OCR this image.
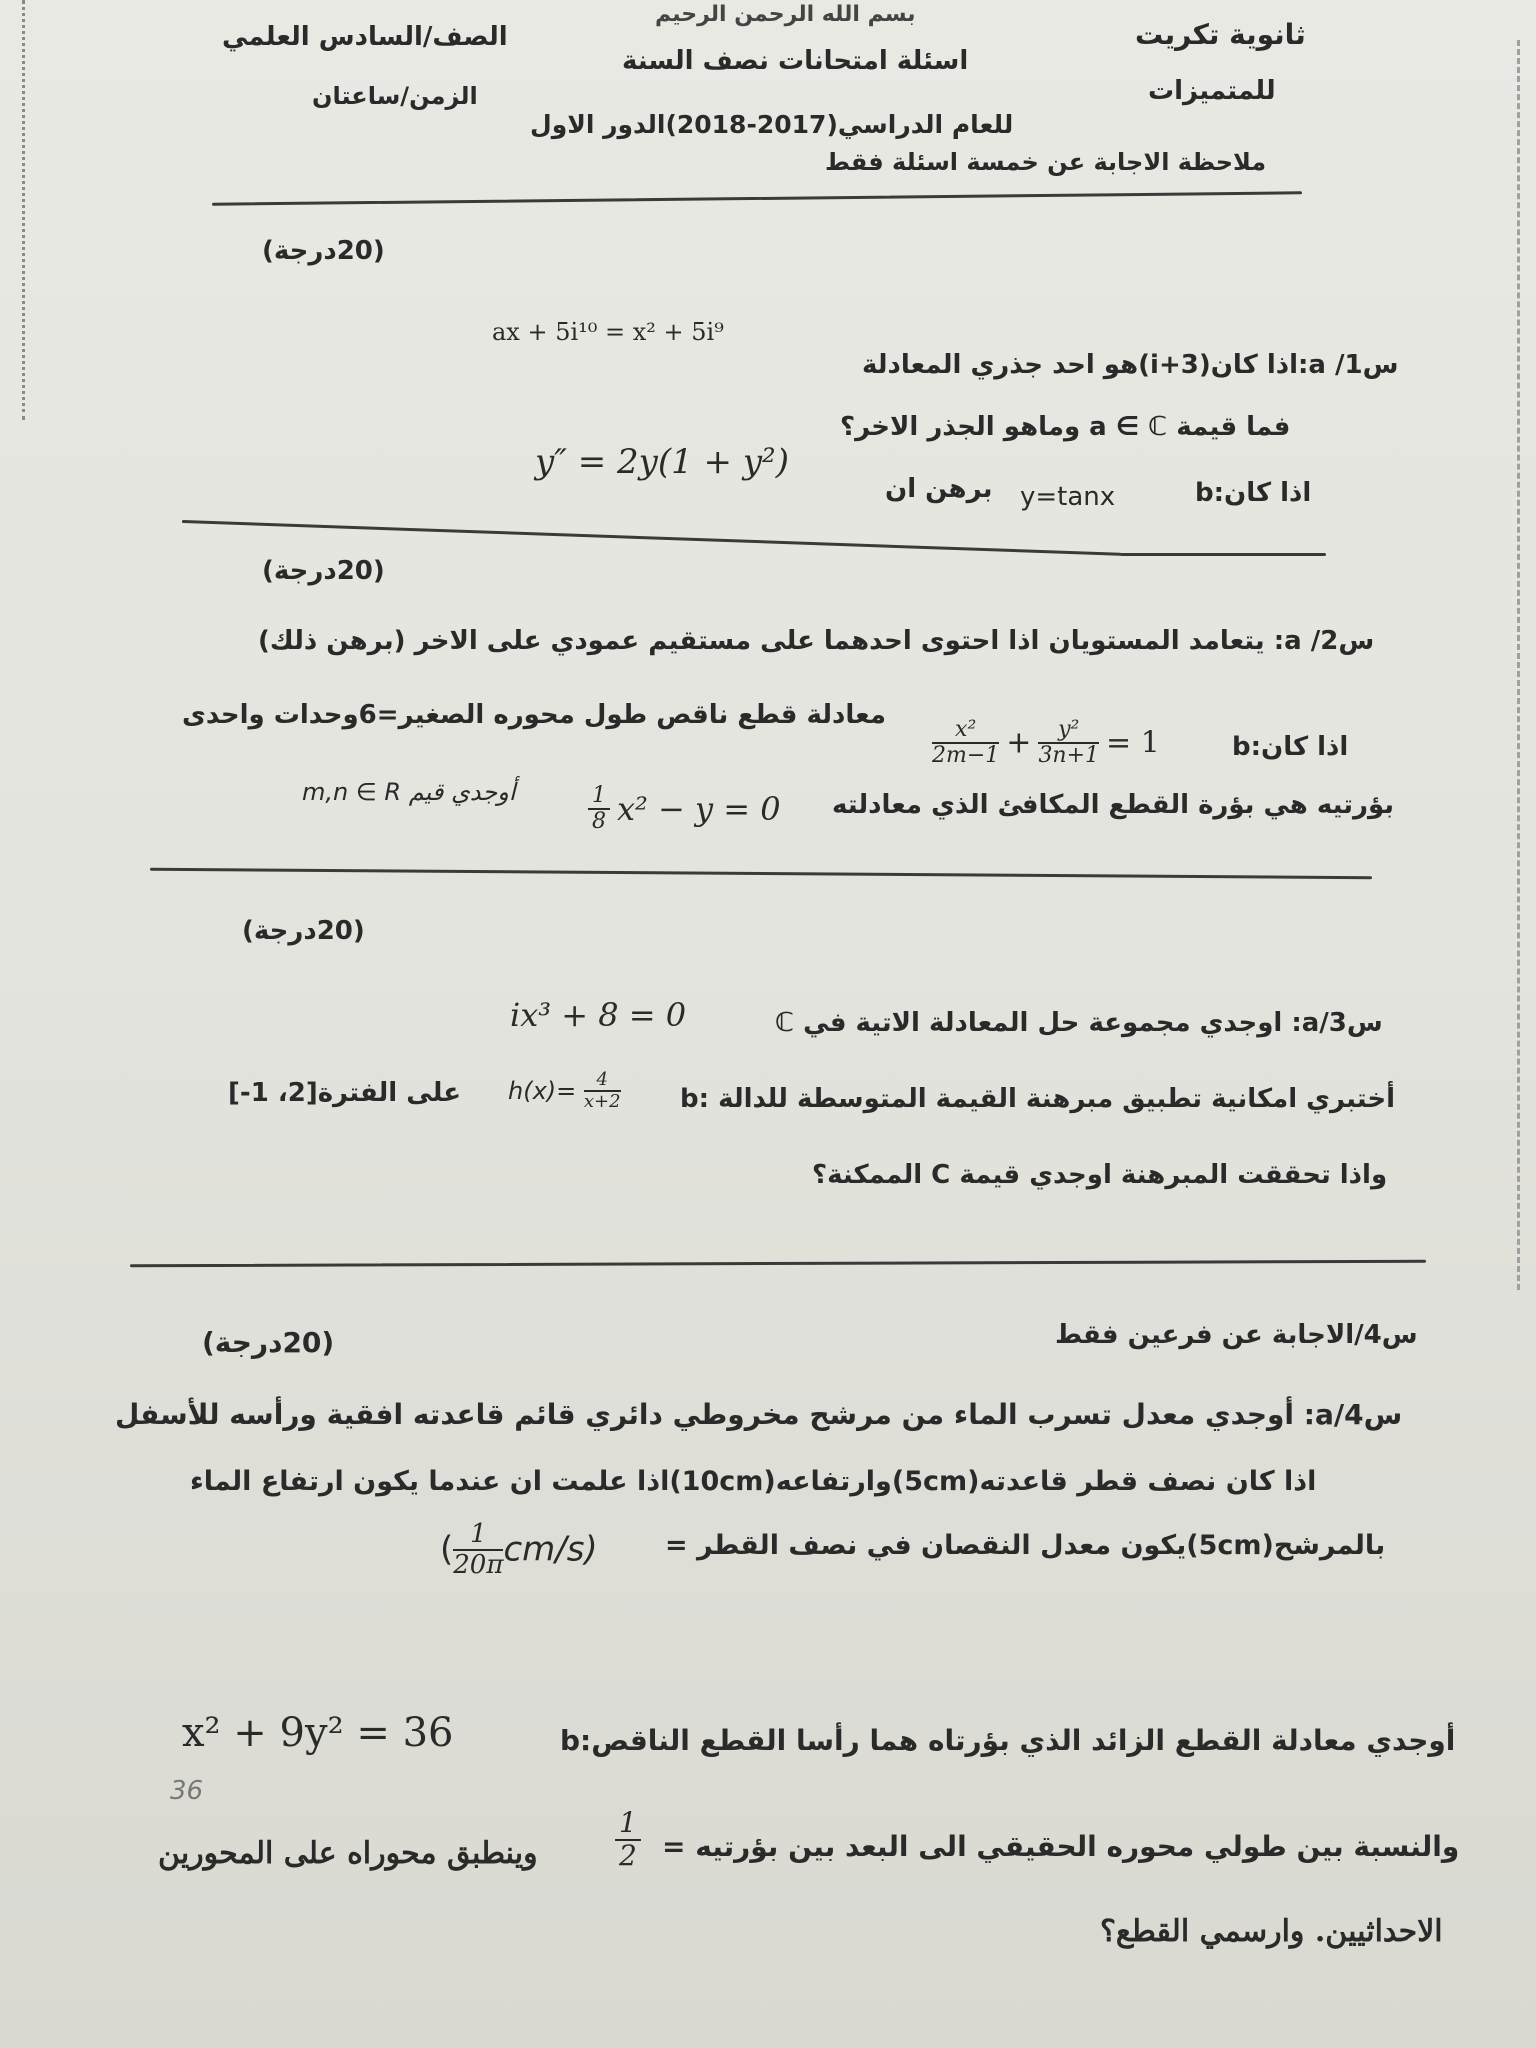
بسم الله الرحمن الرحيم
ثانوية تكريت
الصف/السادس العلمي
اسئلة امتحانات نصف السنة
للمتميزات
الزمن/ساعتان
للعام الدراسي(2017-2018)الدور الاول
ملاحظة الاجابة عن خمسة اسئلة فقط
(20درجة)
س1/ a:اذا كان(3+i)هو احد جذري المعادلة
ax + 5i¹⁰ = x² + 5i⁹
فما قيمة a ∈ ℂ وماهو الجذر الاخر؟
b:اذا كان
y=tanx
برهن ان
y″ = 2y(1 + y²)
(20درجة)
س2/ a: يتعامد المستويان اذا احتوى احدهما على مستقيم عمودي على الاخر (برهن ذلك)
b:اذا كان
$\frac{\text{x²}}{2m-1} + \frac{\text{y²}}{3n+1} = 1$
معادلة قطع ناقص طول محوره الصغير=6وحدات واحدى
بؤرتيه هي بؤرة القطع المكافئ الذي معادلته
$\frac{1}{8} x^2 - y = 0$
أوجدي قيم m,n ∈ R
(20درجة)
س3/a: اوجدي مجموعة حل المعادلة الاتية في ℂ
ix³ + 8 = 0
b: أختبري امكانية تطبيق مبرهنة القيمة المتوسطة للدالة
$h(x)= \frac{4}{x+2}$
على الفترة[2، 1-]
واذا تحققت المبرهنة اوجدي قيمة C الممكنة؟
(20درجة)	س4/الاجابة عن فرعين فقط
س4/a: أوجدي معدل تسرب الماء من مرشح مخروطي دائري قائم قاعدته افقية ورأسه للأسفل
اذا كان نصف قطر قاعدته(5cm)وارتفاعه(10cm)اذا علمت ان عندما يكون ارتفاع الماء
بالمرشح(5cm)يكون معدل النقصان في نصف القطر =
( $\frac{1}{20\pi} cm/s$)
b:أوجدي معادلة القطع الزائد الذي بؤرتاه هما رأسا القطع الناقص
x² + 9y² = 36
36
والنسبة بين طولي محوره الحقيقي الى البعد بين بؤرتيه =
$\frac{1}{2}$
وينطبق محوراه على المحورين
الاحداثيين. وارسمي القطع؟
